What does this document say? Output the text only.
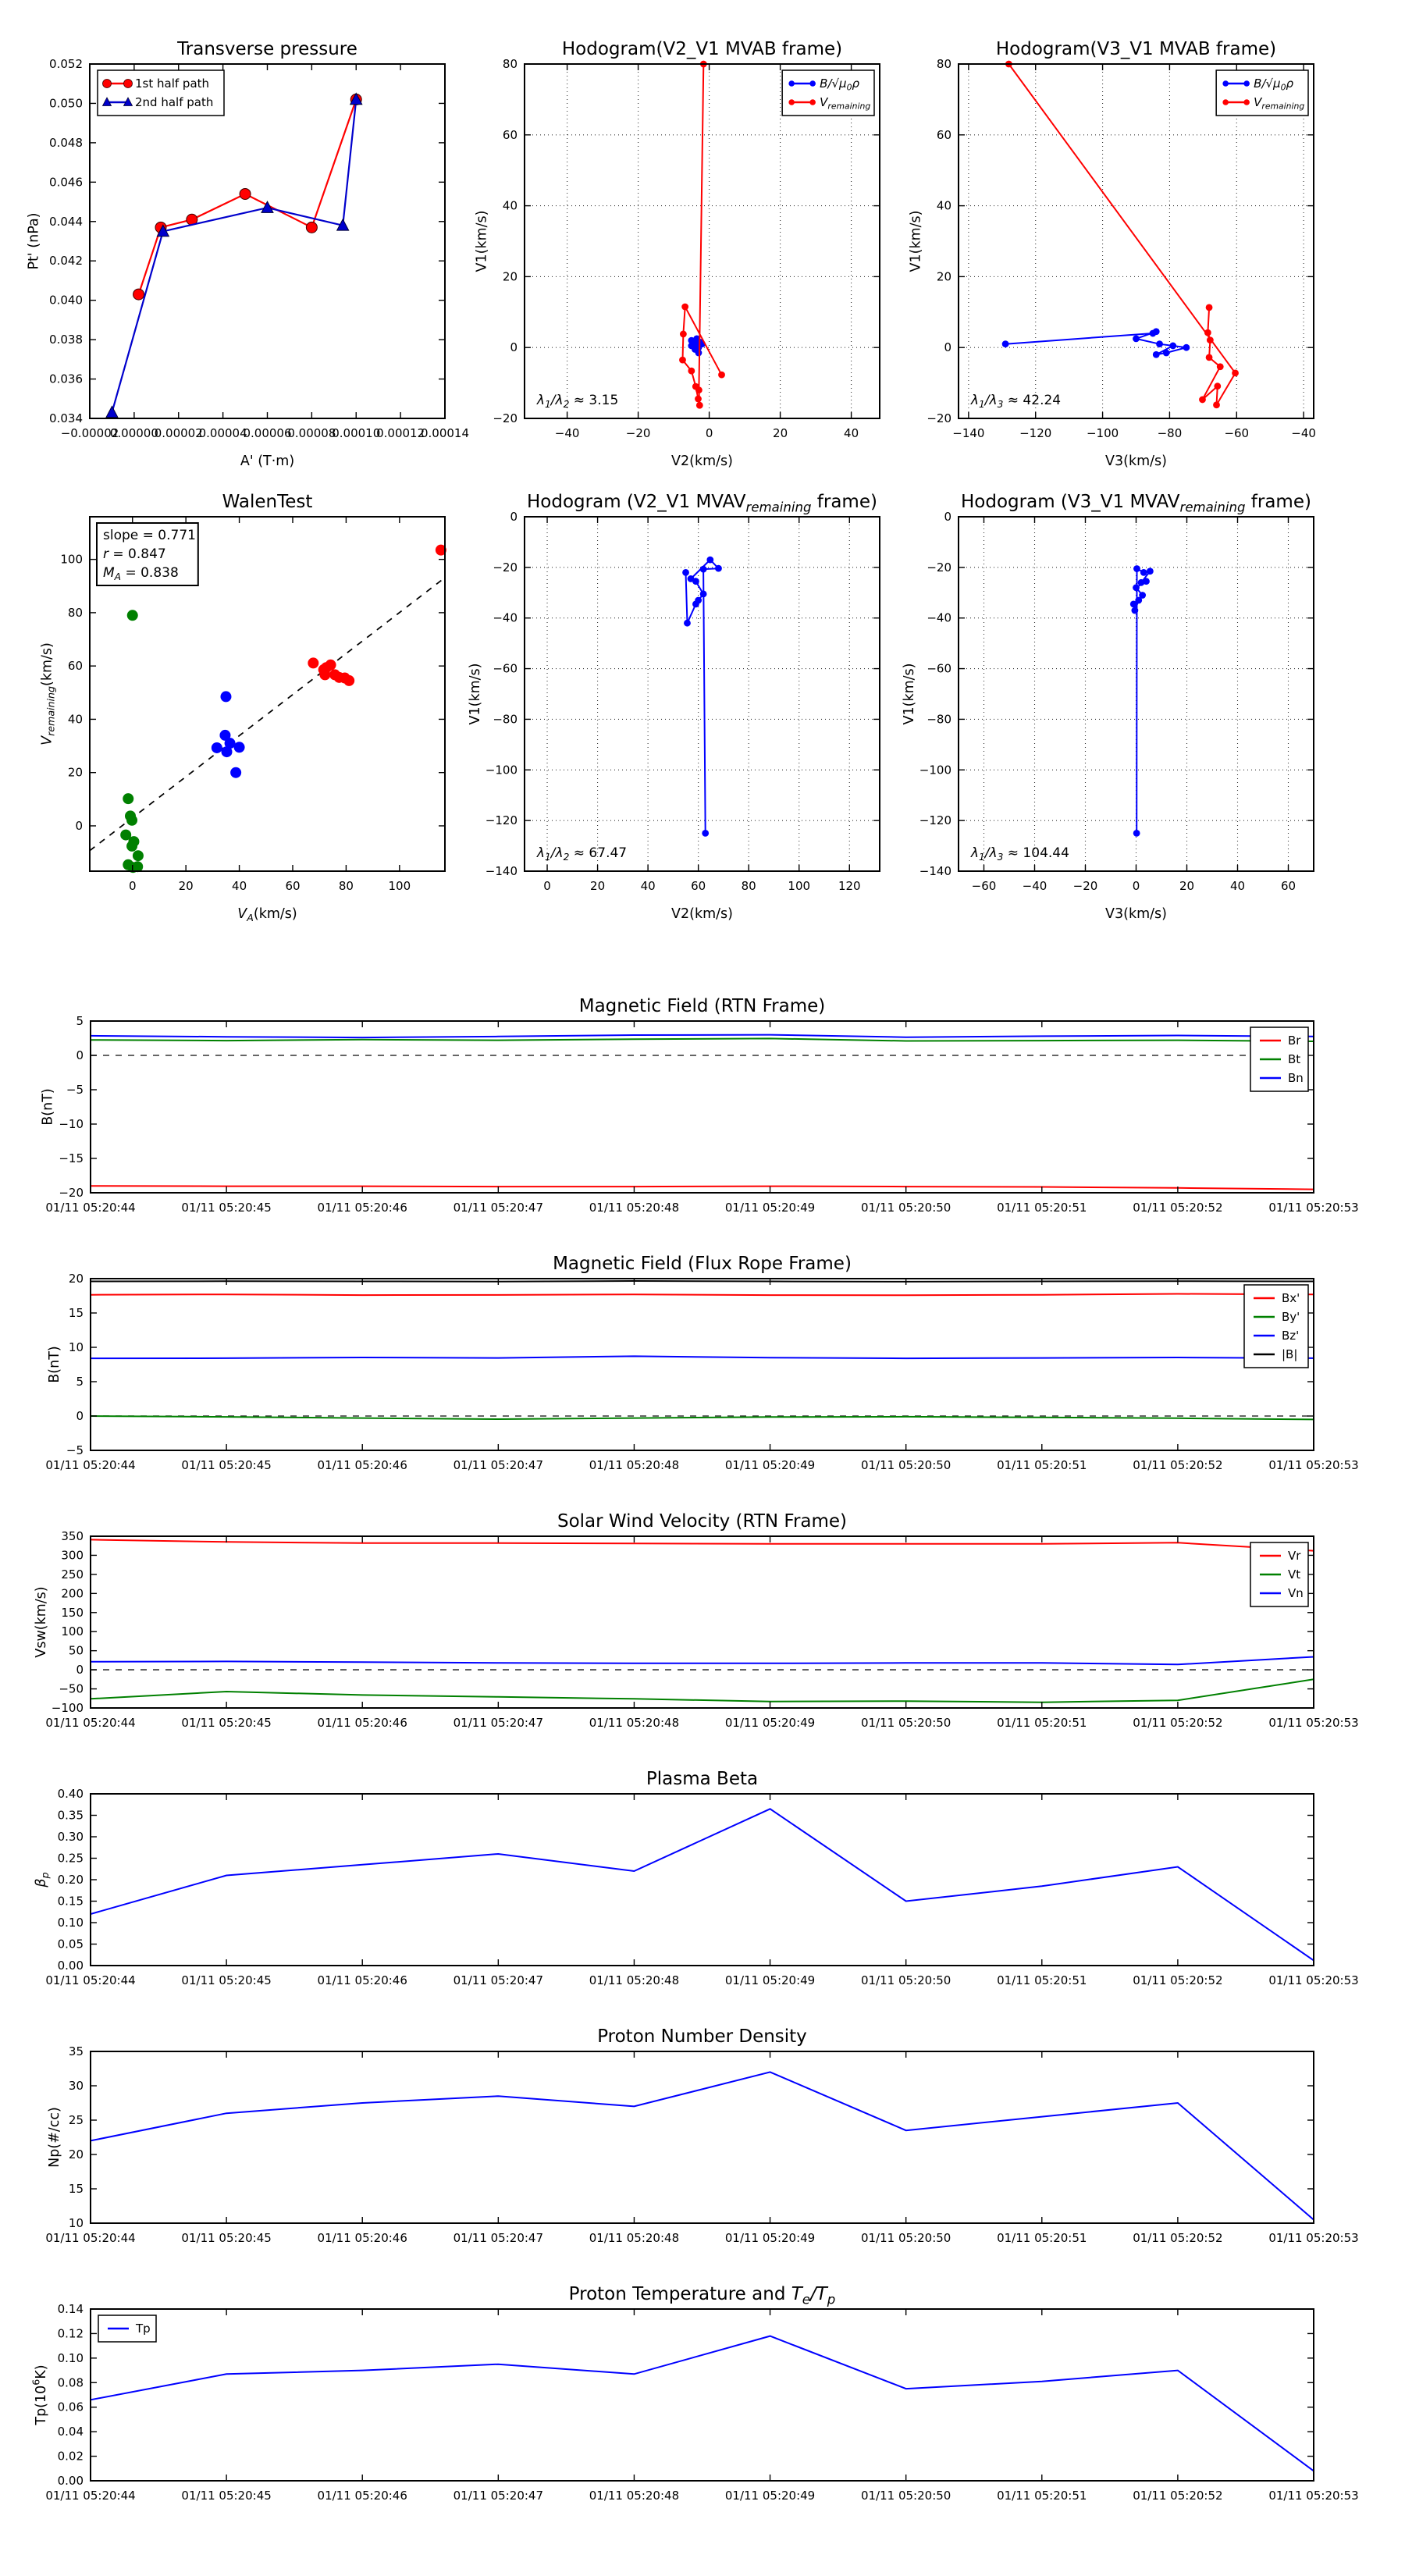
−0.00002
0.00000
0.00002
0.00004
0.00006
0.00008
0.00010
0.00012
0.00014
0.034
0.036
0.038
0.040
0.042
0.044
0.046
0.048
0.050
0.052
Transverse pressure
A' (T·m)
Pt' (nPa)
1st half path
2nd half path
−40	−20	0	20	40
−20
0
20
40
60
80
Hodogram(V2_V1 MVAB frame)
V2(km/s)
V1(km/s)
$B/√\mu_0\rho$
$V_{remaining}$
$\lambda_1/\lambda_2 \approx 3.15$
−140	−120	−100	−80	−60	−40
−20
0
20
40
60
80
Hodogram(V3_V1 MVAB frame)
V3(km/s)
V1(km/s)
$B/√\mu_0\rho$
$V_{remaining}$
$\lambda_1/\lambda_3 \approx 42.24$
0	20	40	60	80	100
0
20
40
60
80
100
WalenTest
$V_A(km/s)$
$V_{remaining}(km/s)$
slope = 0.771
r = 0.847
$M_A = 0.838$
0	20	40	60	80	100 120
0
−20
−40
−60
−80
−100
−120
−140
Hodogram (V2_V1 $MVAV_{remaining}$ frame)
V2(km/s)
V1(km/s)
$\lambda_1/\lambda_2 \approx 67.47$
−60 −40 −20	0	20	40	60
0
−20
−40
−60
−80
−100
−120
−140
Hodogram (V3_V1 $MVAV_{remaining}$ frame)
V3(km/s)
V1(km/s)
$\lambda_1/\lambda_3 \approx 104.44$
01/11 05:20:44	01/11 05:20:45	01/11 05:20:46	01/11 05:20:47	01/11 05:20:48	01/11 05:20:49	01/11 05:20:50	01/11 05:20:51	01/11 05:20:52	01/11 05:20:53
5
0
−5
−10
−15
−20
Magnetic Field (RTN Frame)
B(nT)
Br
Bt
Bn
01/11 05:20:44	01/11 05:20:45	01/11 05:20:46	01/11 05:20:47	01/11 05:20:48	01/11 05:20:49	01/11 05:20:50	01/11 05:20:51	01/11 05:20:52	01/11 05:20:53
20
15
10
5
0
−5
Magnetic Field (Flux Rope Frame)
B(nT)
Bx'
By'
Bz'
|B|
01/11 05:20:44	01/11 05:20:45	01/11 05:20:46	01/11 05:20:47	01/11 05:20:48	01/11 05:20:49	01/11 05:20:50	01/11 05:20:51	01/11 05:20:52	01/11 05:20:53
350
300
250
200
150
100
50
0
−50
−100
Solar Wind Velocity (RTN Frame)
Vsw(km/s)
Vr
Vt
Vn
01/11 05:20:44	01/11 05:20:45	01/11 05:20:46	01/11 05:20:47	01/11 05:20:48	01/11 05:20:49	01/11 05:20:50	01/11 05:20:51	01/11 05:20:52	01/11 05:20:53
0.40
0.35
0.30
0.25
0.20
0.15
0.10
0.05
0.00
Plasma Beta
$\beta_p$
01/11 05:20:44	01/11 05:20:45	01/11 05:20:46	01/11 05:20:47	01/11 05:20:48	01/11 05:20:49	01/11 05:20:50	01/11 05:20:51	01/11 05:20:52	01/11 05:20:53
35
30
25
20
15
10
Proton Number Density
Np(#/cc)
01/11 05:20:44	01/11 05:20:45	01/11 05:20:46	01/11 05:20:47	01/11 05:20:48	01/11 05:20:49	01/11 05:20:50	01/11 05:20:51	01/11 05:20:52	01/11 05:20:53
0.14
0.12
0.10
0.08
0.06
0.04
0.02
0.00
Proton Temperature and $T_e/T_p$
$Tp(10^6K)$
Tp
